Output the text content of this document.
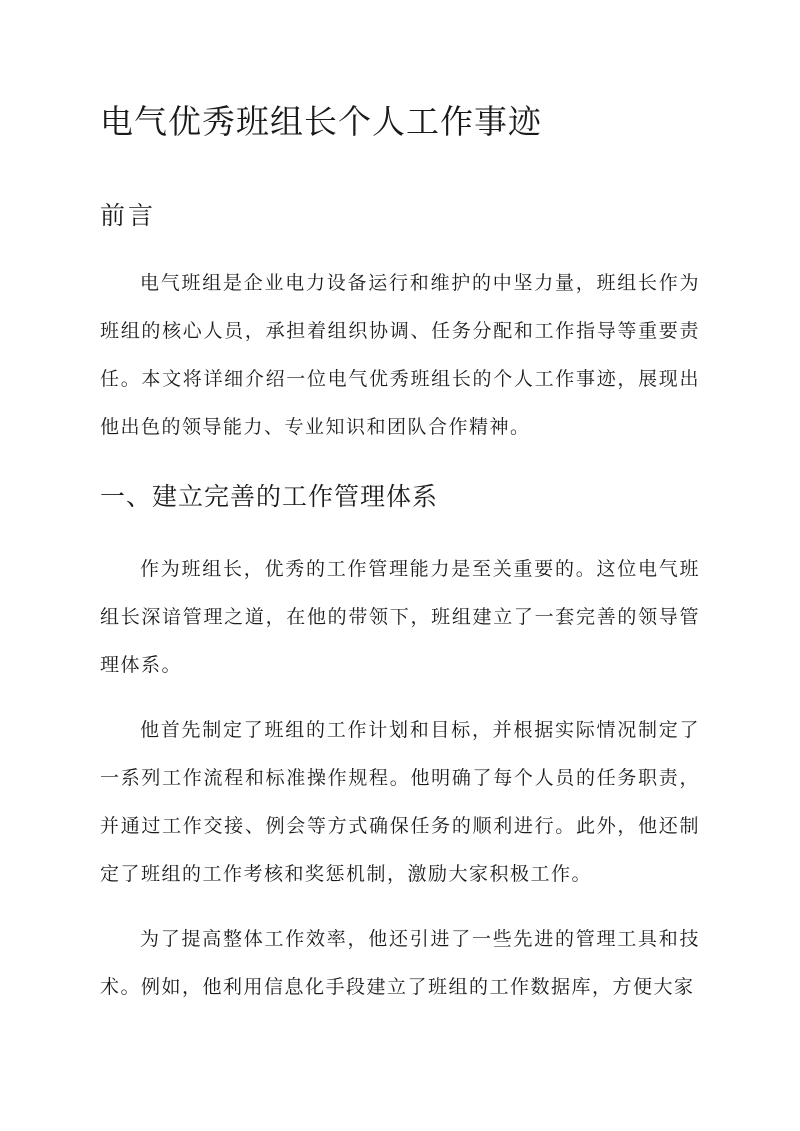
电气优秀班组长个人工作事迹
前言

电气班组是企业电力设备运行和维护的中坚力量，班组长作为班组的核心人员，承担着组织协调、任务分配和工作指导等重要责任。本文将详细介绍一位电气优秀班组长的个人工作事迹，展现出他出色的领导能力、专业知识和团队合作精神。

一、建立完善的工作管理体系

作为班组长，优秀的工作管理能力是至关重要的。这位电气班组长深谙管理之道，在他的带领下，班组建立了一套完善的领导管理体系。

他首先制定了班组的工作计划和目标，并根据实际情况制定了一系列工作流程和标准操作规程。他明确了每个人员的任务职责，并通过工作交接、例会等方式确保任务的顺利进行。此外，他还制定了班组的工作考核和奖惩机制，激励大家积极工作。

为了提高整体工作效率，他还引进了一些先进的管理工具和技术。例如，他利用信息化手段建立了班组的工作数据库，方便大家
